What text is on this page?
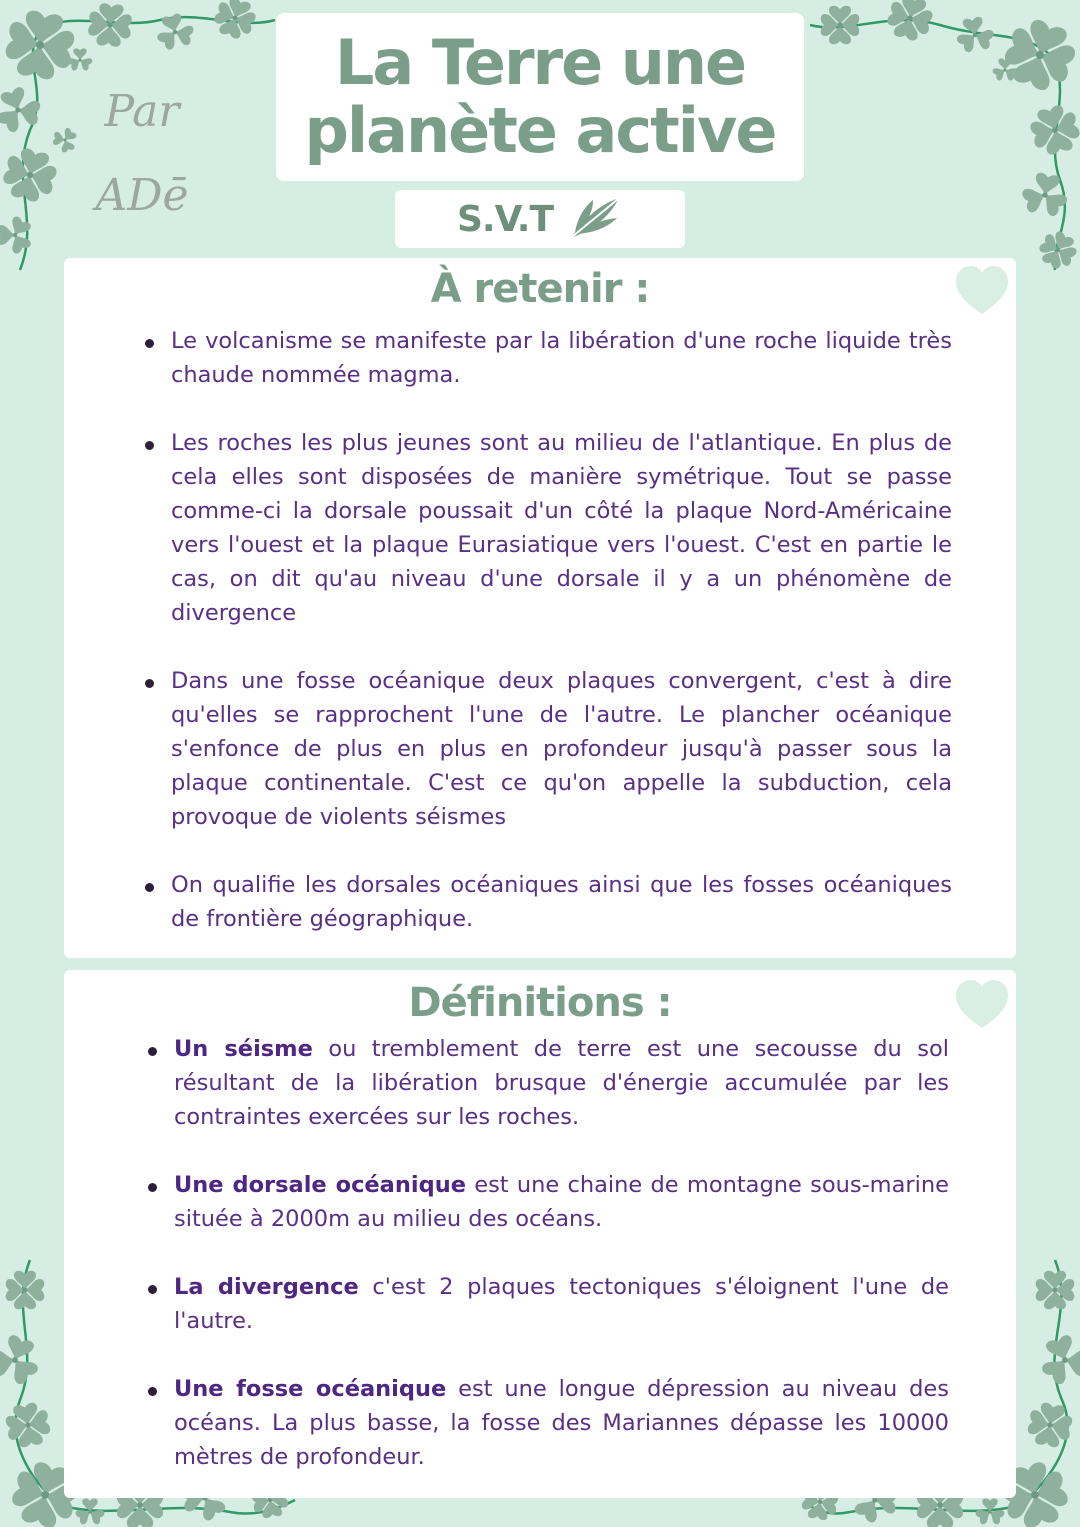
Par
ADē
La Terre une
planète active
S.V.T
À retenir :
Le volcanisme se manifeste par la libération d'une roche liquide très chaude nommée magma.
Les roches les plus jeunes sont au milieu de l'atlantique. En plus de cela elles sont disposées de manière symétrique. Tout se passe comme-ci la dorsale poussait d'un côté la plaque Nord-Américaine vers l'ouest et la plaque Eurasiatique vers l'ouest. C'est en partie le cas, on dit qu'au niveau d'une dorsale il y a un phénomène de divergence
Dans une fosse océanique deux plaques convergent, c'est à dire qu'elles se rapprochent l'une de l'autre. Le plancher océanique s'enfonce de plus en plus en profondeur jusqu'à passer sous la plaque continentale. C'est ce qu'on appelle la subduction, cela provoque de violents séismes
On qualifie les dorsales océaniques ainsi que les fosses océaniques de frontière géographique.
Définitions :
Un séisme ou tremblement de terre est une secousse du sol résultant de la libération brusque d'énergie accumulée par les contraintes exercées sur les roches.
Une dorsale océanique est une chaine de montagne sous-marine située à 2000m au milieu des océans.
La divergence c'est 2 plaques tectoniques s'éloignent l'une de l'autre.
Une fosse océanique est une longue dépression au niveau des océans. La plus basse, la fosse des Mariannes dépasse les 10000 mètres de profondeur.
